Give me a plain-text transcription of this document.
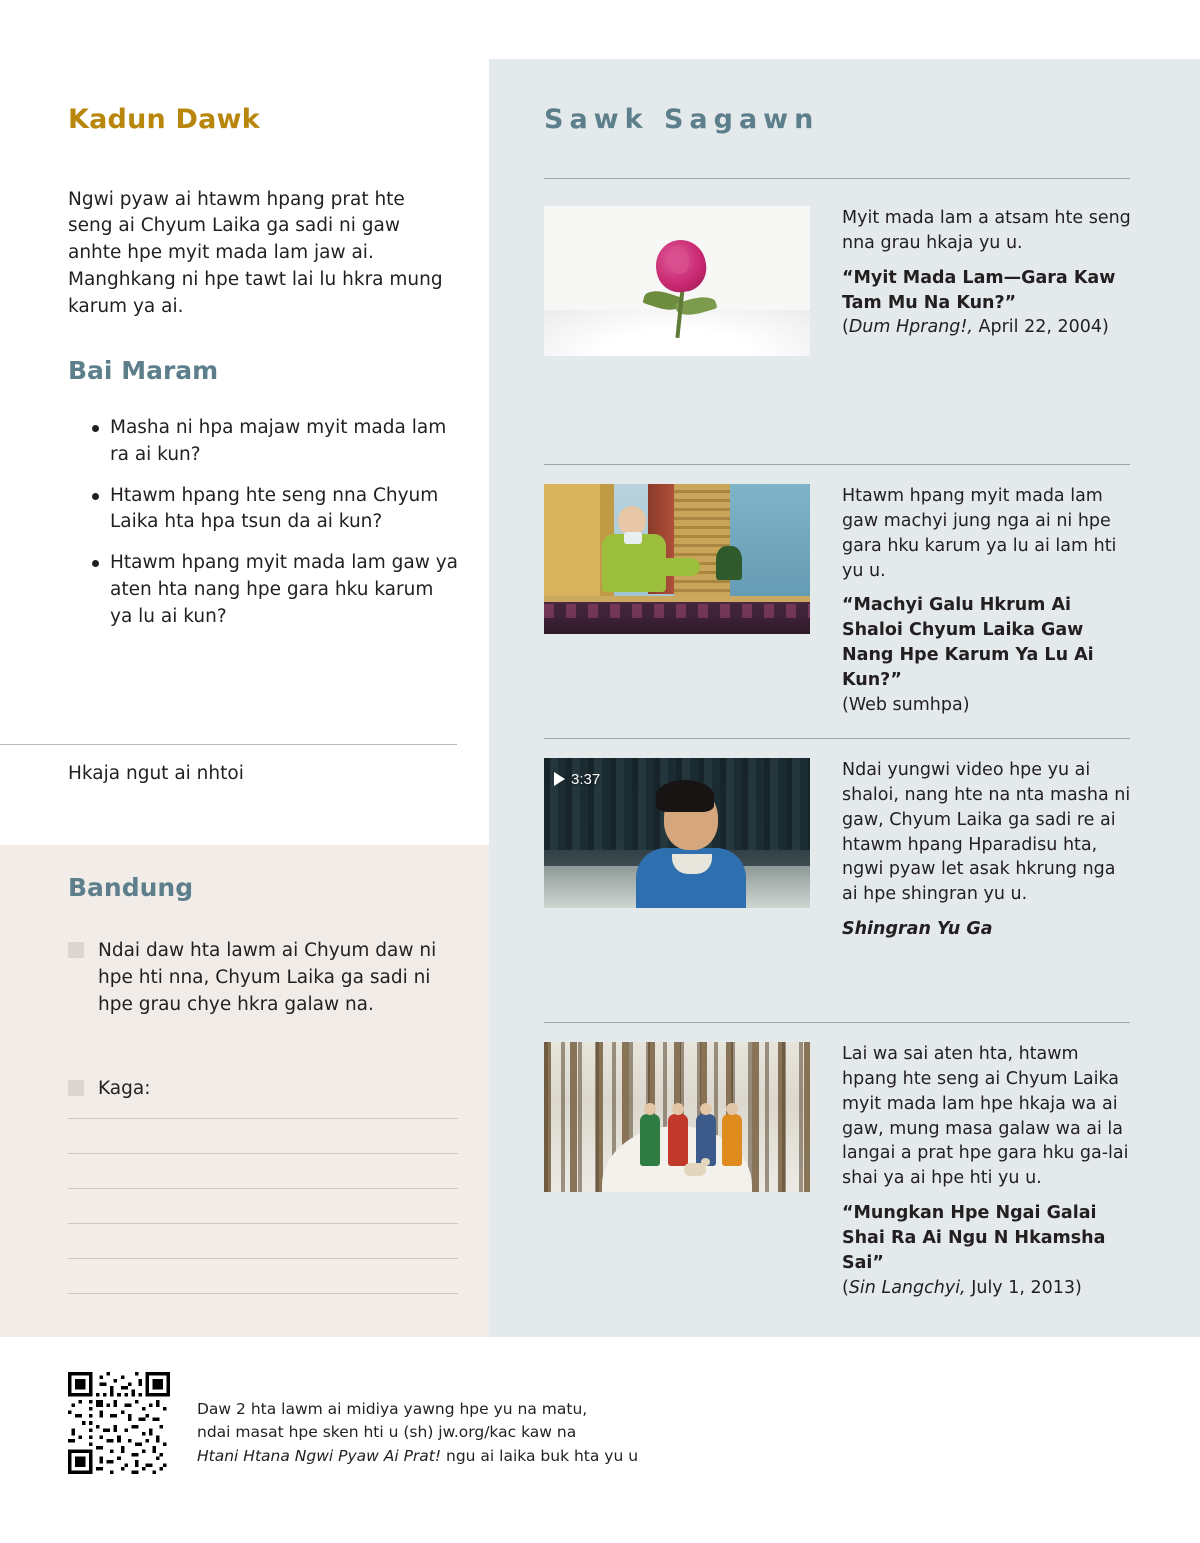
Kadun Dawk

Ngwi pyaw ai htawm hpang prat hte seng ai Chyum Laika ga sadi ni gaw anhte hpe myit mada lam jaw ai. Manghkang ni hpe tawt lai lu hkra mung karum ya ai.

Bai Maram
Masha ni hpa majaw myit mada lam ra ai kun?
Htawm hpang hte seng nna Chyum Laika hta hpa tsun da ai kun?
Htawm hpang myit mada lam gaw ya aten hta nang hpe gara hku karum ya lu ai kun?
Hkaja ngut ai nhtoi
Bandung
Ndai daw hta lawm ai Chyum daw ni hpe hti nna, Chyum Laika ga sadi ni hpe grau chye hkra galaw na.
Kaga:
Sawk Sagawn

Myit mada lam a atsam hte seng nna grau hkaja yu u.

“Myit Mada Lam—Gara Kaw Tam Mu Na Kun?”

(Dum Hprang!, April 22, 2004)

Htawm hpang myit mada lam gaw machyi jung nga ai ni hpe gara hku karum ya lu ai lam hti yu u.

“Machyi Galu Hkrum Ai Shaloi Chyum Laika Gaw Nang Hpe Karum Ya Lu Ai Kun?”

(Web sumhpa)

3:37	Ndai yungwi video hpe yu ai shaloi, nang hte na nta masha ni gaw, Chyum Laika ga sadi re ai htawm hpang Hparadisu hta, ngwi pyaw let asak hkrung nga ai hpe shingran yu u.

Shingran Yu Ga

Lai wa sai aten hta, htawm hpang hte seng ai Chyum Laika myit mada lam hpe hkaja wa ai gaw, mung masa galaw wa ai la langai a prat hpe gara hku ga-lai shai ya ai hpe hti yu u.

“Mungkan Hpe Ngai Galai Shai Ra Ai Ngu N Hkamsha Sai”

(Sin Langchyi, July 1, 2013)

Daw 2 hta lawm ai midiya yawng hpe yu na matu,
ndai masat hpe sken hti u (sh) jw.org/kac kaw na
Htani Htana Ngwi Pyaw Ai Prat! ngu ai laika buk hta yu u
